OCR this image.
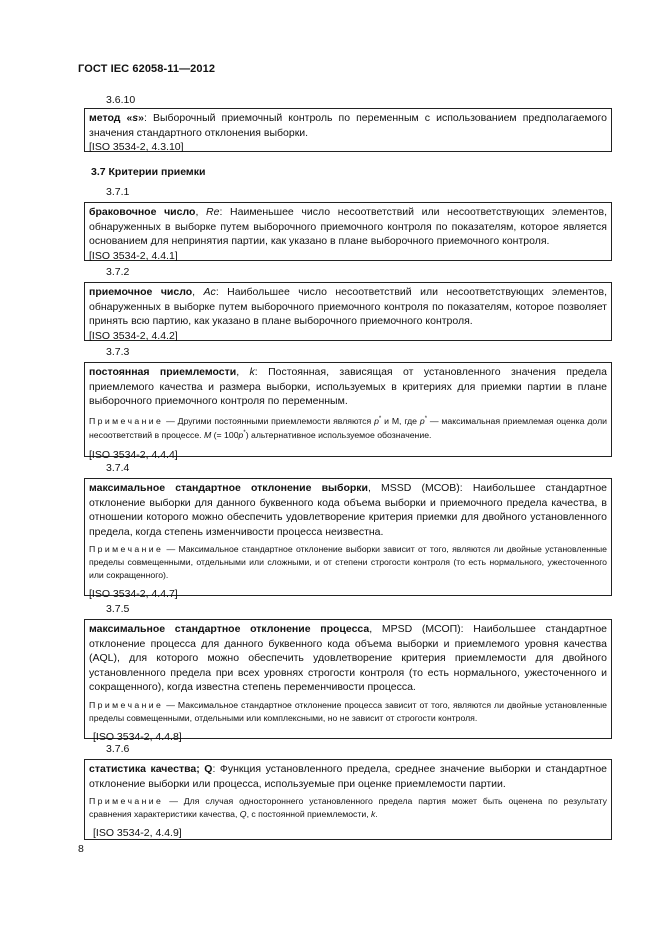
ГОСТ IEC 62058-11—2012
3.6.10

метод «s»: Выборочный приемочный контроль по переменным с использованием предполагаемого значения стандартного отклонения выборки.

[ISO 3534-2, 4.3.10]

3.7 Критерии приемки
3.7.1

браковочное число, Re: Наименьшее число несоответствий или несоответствующих элементов, обнаруженных в выборке путем выборочного приемочного контроля по показателям, которое является основанием для непринятия партии, как указано в плане выборочного приемочного контроля.

[ISO 3534-2, 4.4.1]

3.7.2

приемочное число, Ac: Наибольшее число несоответствий или несоответствующих элементов, обнаруженных в выборке путем выборочного приемочного контроля по показателям, которое позволяет принять всю партию, как указано в плане выборочного приемочного контроля.

[ISO 3534-2, 4.4.2]

3.7.3

постоянная приемлемости, k: Постоянная, зависящая от установленного значения предела приемлемого качества и размера выборки, используемых в критериях для приемки партии в плане выборочного приемочного контроля по переменным.

Примечание — Другими постоянными приемлемости являются p* и M, где p* — максимальная приемлемая оценка доли несоответствий в процессе. M (= 100p*) альтернативное используемое обозначение.

[ISO 3534-2, 4.4.4]

3.7.4

максимальное стандартное отклонение выборки, MSSD (МСОВ): Наибольшее стандартное отклонение выборки для данного буквенного кода объема выборки и приемочного предела качества, в отношении которого можно обеспечить удовлетворение критерия приемки для двойного установленного предела, когда степень изменчивости процесса неизвестна.

Примечание — Максимальное стандартное отклонение выборки зависит от того, являются ли двойные установленные пределы совмещенными, отдельными или сложными, и от степени строгости контроля (то есть нормального, ужесточенного или сокращенного).

[ISO 3534-2, 4.4.7]

3.7.5

максимальное стандартное отклонение процесса, MPSD (МСОП): Наибольшее стандартное отклонение процесса для данного буквенного кода объема выборки и приемлемого уровня качества (AQL), для которого можно обеспечить удовлетворение критерия приемлемости для двойного установленного предела при всех уровнях строгости контроля (то есть нормального, ужесточенного и сокращенного), когда известна степень переменчивости процесса.

Примечание — Максимальное стандартное отклонение процесса зависит от того, являются ли двойные установленные пределы совмещенными, отдельными или комплексными, но не зависит от строгости контроля.

[ISO 3534-2, 4.4.8]

3.7.6

статистика качества; Q: Функция установленного предела, среднее значение выборки и стандартное отклонение выборки или процесса, используемые при оценке приемлемости партии.

Примечание — Для случая одностороннего установленного предела партия может быть оценена по результату сравнения характеристики качества, Q, с постоянной приемлемости, k.

[ISO 3534-2, 4.4.9]

8
